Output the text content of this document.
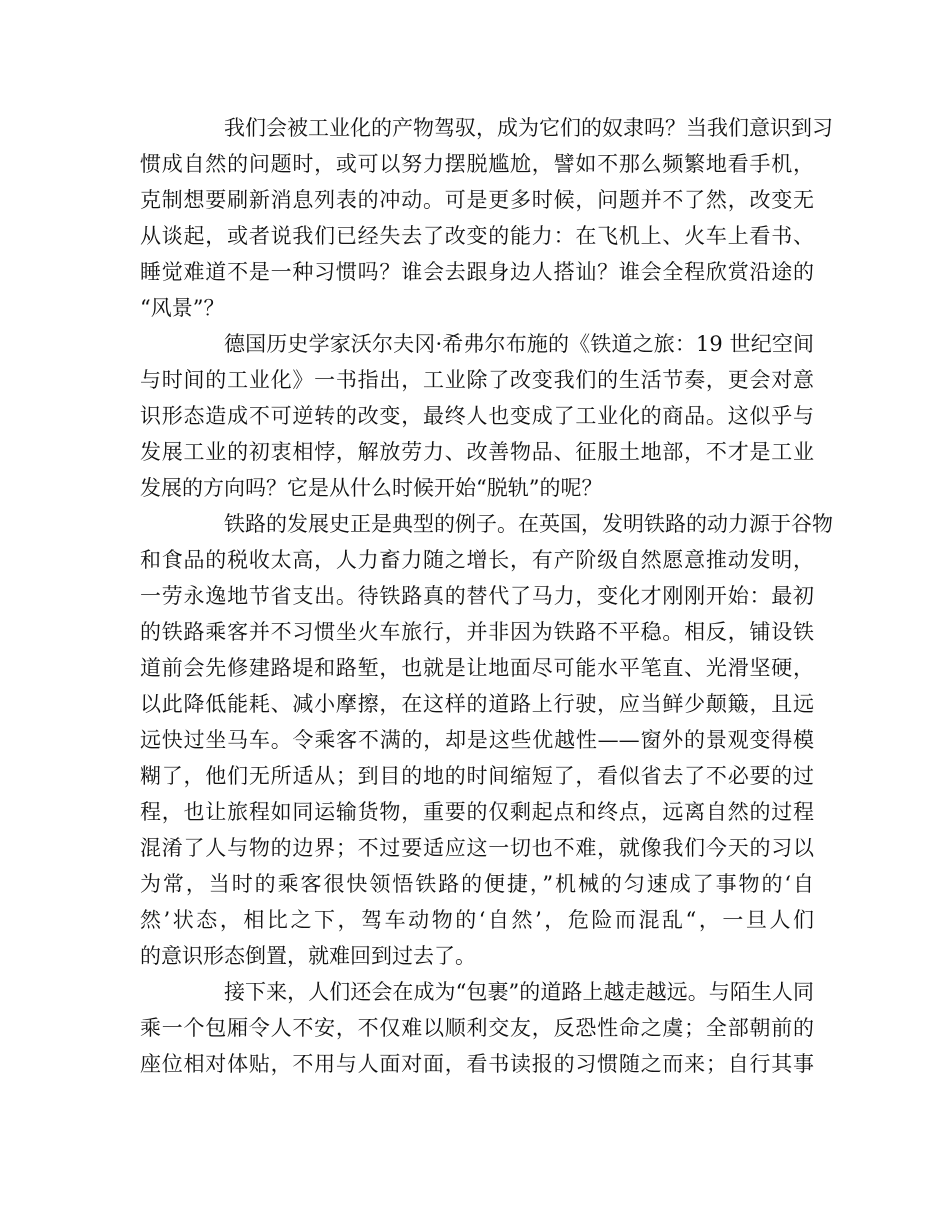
我们会被工业化的产物驾驭，成为它们的奴隶吗？当我们意识到习
惯成自然的问题时，或可以努力摆脱尴尬，譬如不那么频繁地看手机，
克制想要刷新消息列表的冲动。可是更多时候，问题并不了然，改变无
从谈起，或者说我们已经失去了改变的能力：在飞机上、火车上看书、
睡觉难道不是一种习惯吗？谁会去跟身边人搭讪？谁会全程欣赏沿途的
“风景”？
德国历史学家沃尔夫冈·希弗尔布施的《铁道之旅：19 世纪空间
与时间的工业化》一书指出，工业除了改变我们的生活节奏，更会对意
识形态造成不可逆转的改变，最终人也变成了工业化的商品。这似乎与
发展工业的初衷相悖，解放劳力、改善物品、征服土地部，不才是工业
发展的方向吗？它是从什么时候开始“脱轨”的呢？
铁路的发展史正是典型的例子。在英国，发明铁路的动力源于谷物
和食品的税收太高，人力畜力随之增长，有产阶级自然愿意推动发明，
一劳永逸地节省支出。待铁路真的替代了马力，变化才刚刚开始：最初
的铁路乘客并不习惯坐火车旅行，并非因为铁路不平稳。相反，铺设铁
道前会先修建路堤和路堑，也就是让地面尽可能水平笔直、光滑坚硬，
以此降低能耗、减小摩擦，在这样的道路上行驶，应当鲜少颠簸，且远
远快过坐马车。令乘客不满的，却是这些优越性——窗外的景观变得模
糊了，他们无所适从；到目的地的时间缩短了，看似省去了不必要的过
程，也让旅程如同运输货物，重要的仅剩起点和终点，远离自然的过程
混淆了人与物的边界；不过要适应这一切也不难，就像我们今天的习以
为常，当时的乘客很快领悟铁路的便捷，”机械的匀速成了事物的‘自
然’状态，相比之下，驾车动物的‘自然’，危险而混乱“，一旦人们
的意识形态倒置，就难回到过去了。
接下来，人们还会在成为“包裹”的道路上越走越远。与陌生人同
乘一个包厢令人不安，不仅难以顺利交友，反恐性命之虞；全部朝前的
座位相对体贴，不用与人面对面，看书读报的习惯随之而来；自行其事
